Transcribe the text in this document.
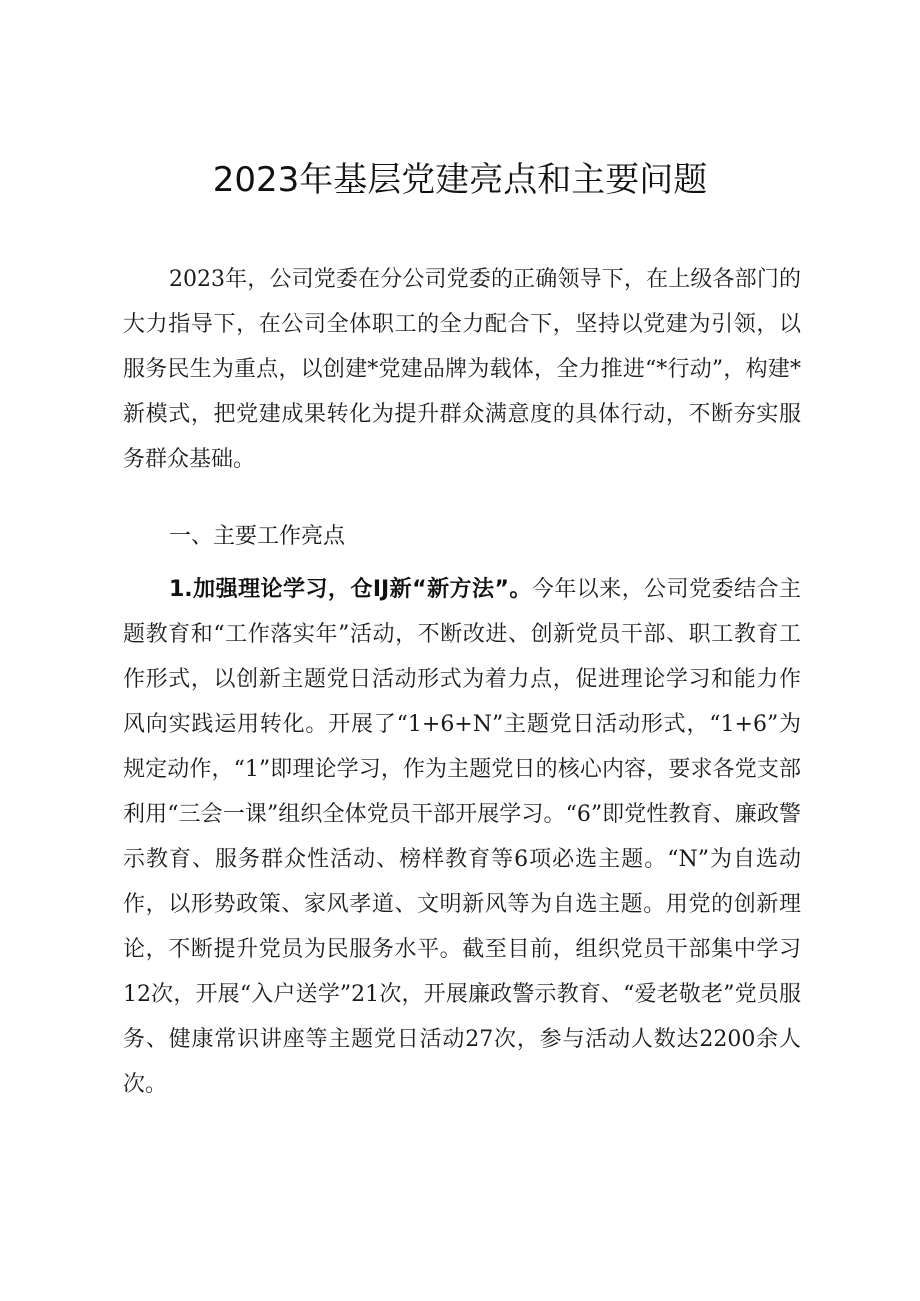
2023年基层党建亮点和主要问题

2023年，公司党委在分公司党委的正确领导下，在上级各部门的大力指导下，在公司全体职工的全力配合下，坚持以党建为引领，以服务民生为重点，以创建*党建品牌为载体，全力推进“*行动”，构建*新模式，把党建成果转化为提升群众满意度的具体行动，不断夯实服务群众基础。

一、主要工作亮点

1.加强理论学习，仓IJ新“新方法”。今年以来，公司党委结合主题教育和“工作落实年”活动，不断改进、创新党员干部、职工教育工作形式，以创新主题党日活动形式为着力点，促进理论学习和能力作风向实践运用转化。开展了“1+6+N”主题党日活动形式，“1+6”为规定动作，“1”即理论学习，作为主题党日的核心内容，要求各党支部利用“三会一课”组织全体党员干部开展学习。“6”即党性教育、廉政警示教育、服务群众性活动、榜样教育等6项必选主题。“N”为自选动作，以形势政策、家风孝道、文明新风等为自选主题。用党的创新理论，不断提升党员为民服务水平。截至目前，组织党员干部集中学习12次，开展“入户送学”21次，开展廉政警示教育、“爱老敬老”党员服务、健康常识讲座等主题党日活动27次，参与活动人数达2200余人次。
